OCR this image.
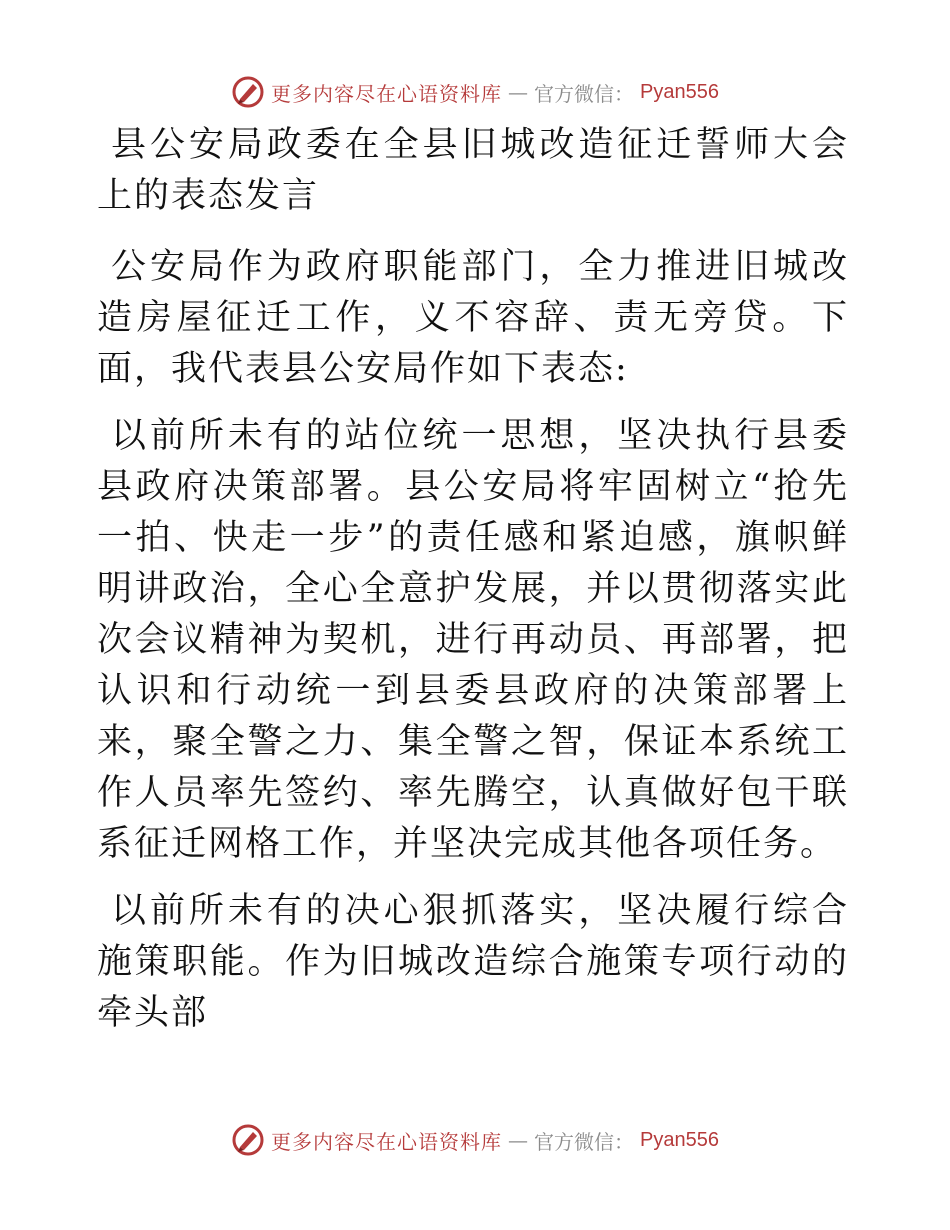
更多内容尽在心语资料库 — 官方微信： Pyan556

县公安局政委在全县旧城改造征迁誓师大会上的表态发言

公安局作为政府职能部门，全力推进旧城改造房屋征迁工作，义不容辞、责无旁贷。下面，我代表县公安局作如下表态:

以前所未有的站位统一思想，坚决执行县委县政府决策部署。县公安局将牢固树立“抢先一拍、快走一步”的责任感和紧迫感，旗帜鲜明讲政治，全心全意护发展，并以贯彻落实此次会议精神为契机，进行再动员、再部署，把认识和行动统一到县委县政府的决策部署上来，聚全警之力、集全警之智，保证本系统工作人员率先签约、率先腾空，认真做好包干联系征迁网格工作，并坚决完成其他各项任务。

以前所未有的决心狠抓落实，坚决履行综合施策职能。作为旧城改造综合施策专项行动的牵头部

更多内容尽在心语资料库 — 官方微信： Pyan556
